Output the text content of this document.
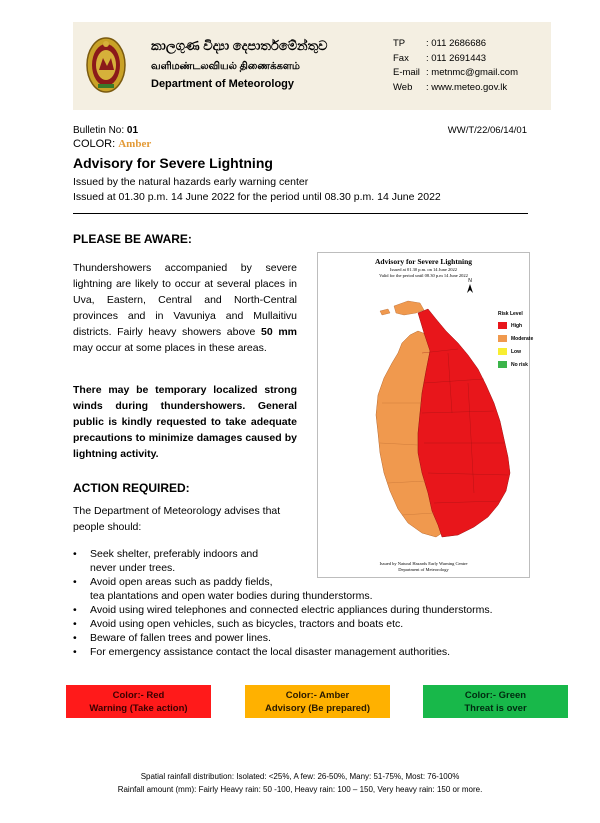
කාලගුණ විද්‍යා දෙපාර්තමේන්තුව
வளிமண்டலவியல் திணைக்களம்
Department of Meteorology
TP : 011 2686686
Fax : 011 2691443
E-mail : metnmc@gmail.com
Web : www.meteo.gov.lk
Bulletin No: 01
COLOR: Amber
WW/T/22/06/14/01
Advisory for Severe Lightning
Issued by the natural hazards early warning center
Issued at 01.30 p.m. 14 June 2022 for the period until 08.30 p.m. 14 June 2022
PLEASE BE AWARE:
Thundershowers accompanied by severe lightning are likely to occur at several places in Uva, Eastern, Central and North-Central provinces and in Vavuniya and Mullaitivu districts. Fairly heavy showers above 50 mm may occur at some places in these areas.
There may be temporary localized strong winds during thundershowers. General public is kindly requested to take adequate precautions to minimize damages caused by lightning activity.
Advisory for Severe Lightning
Issued at 01.30 p.m. on 14 June 2022
Valid for the period until 08.30 p.m 14 June 2022
N
Risk Level
High
Moderate
Low
No risk
Issued by Natural Hazards Early Warning Centre
Department of Meteorology
ACTION REQUIRED:
The Department of Meteorology advises that people should:
• Seek shelter, preferably indoors and
never under trees.
• Avoid open areas such as paddy fields,
tea plantations and open water bodies during thunderstorms.
• Avoid using wired telephones and connected electric appliances during thunderstorms.
• Avoid using open vehicles, such as bicycles, tractors and boats etc.
• Beware of fallen trees and power lines.
• For emergency assistance contact the local disaster management authorities.
Color:- Red
Warning (Take action)
Color:- Amber
Advisory (Be prepared)
Color:- Green
Threat is over
Spatial rainfall distribution: Isolated: <25%, A few: 26-50%, Many: 51-75%, Most: 76-100%
Rainfall amount (mm): Fairly Heavy rain: 50 -100, Heavy rain: 100 – 150, Very heavy rain: 150 or more.
